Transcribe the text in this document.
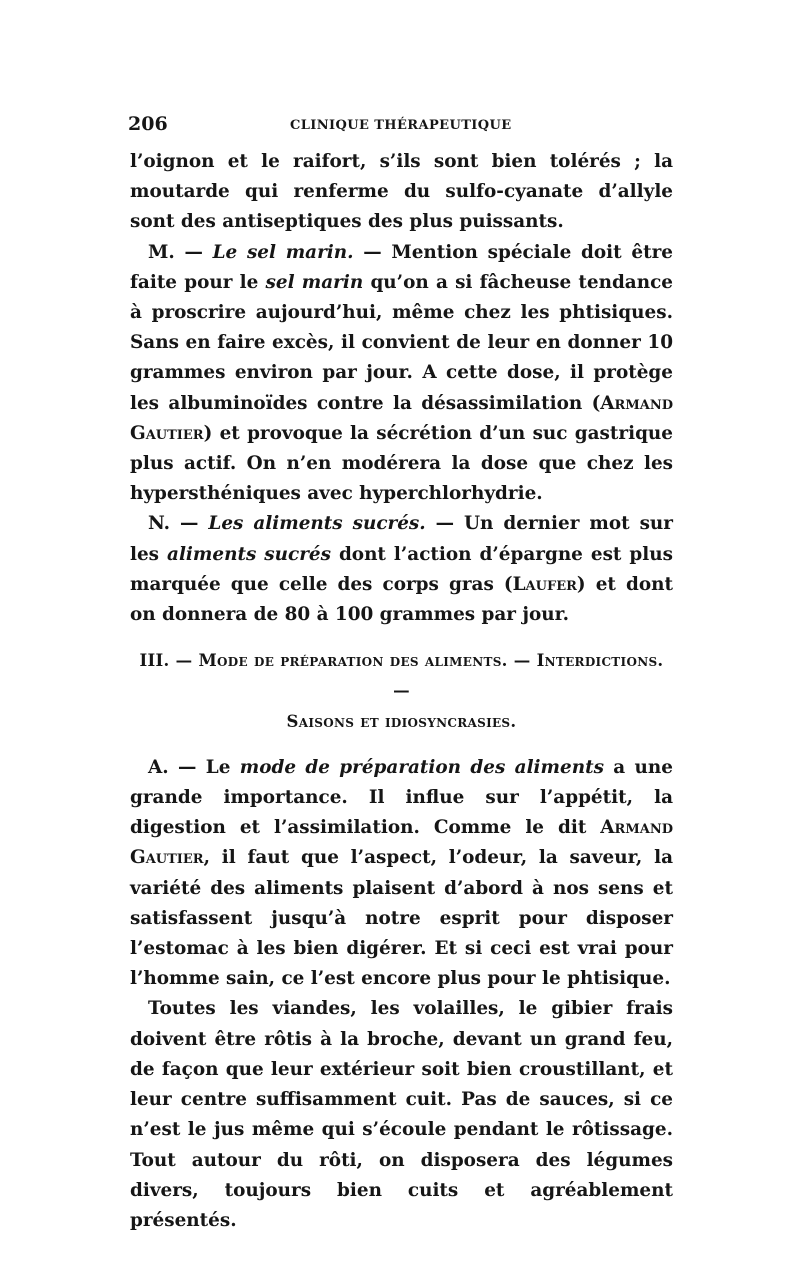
206	CLINIQUE THÉRAPEUTIQUE

l’oignon et le raifort, s’ils sont bien tolérés ; la moutarde qui renferme du sulfo-cyanate d’allyle sont des antiseptiques des plus puissants.

M. — Le sel marin. — Mention spéciale doit être faite pour le sel marin qu’on a si fâcheuse tendance à proscrire aujourd’hui, même chez les phtisiques. Sans en faire excès, il convient de leur en donner 10 grammes environ par jour. A cette dose, il protège les albuminoïdes contre la désassimilation (Armand Gautier) et provoque la sécrétion d’un suc gastrique plus actif. On n’en modérera la dose que chez les hypersthéniques avec hyperchlorhydrie.

N. — Les aliments sucrés. — Un dernier mot sur les aliments sucrés dont l’action d’épargne est plus marquée que celle des corps gras (Laufer) et dont on donnera de 80 à 100 grammes par jour.

III. — Mode de préparation des aliments. — Interdictions. —
Saisons et idiosyncrasies.

A. — Le mode de préparation des aliments a une grande importance. Il influe sur l’appétit, la digestion et l’assimilation. Comme le dit Armand Gautier, il faut que l’aspect, l’odeur, la saveur, la variété des aliments plaisent d’abord à nos sens et satisfassent jusqu’à notre esprit pour disposer l’estomac à les bien digérer. Et si ceci est vrai pour l’homme sain, ce l’est encore plus pour le phtisique.

Toutes les viandes, les volailles, le gibier frais doivent être rôtis à la broche, devant un grand feu, de façon que leur extérieur soit bien croustillant, et leur centre suffisamment cuit. Pas de sauces, si ce n’est le jus même qui s’écoule pendant le rôtissage. Tout autour du rôti, on disposera des légumes divers, toujours bien cuits et agréablement présentés.
